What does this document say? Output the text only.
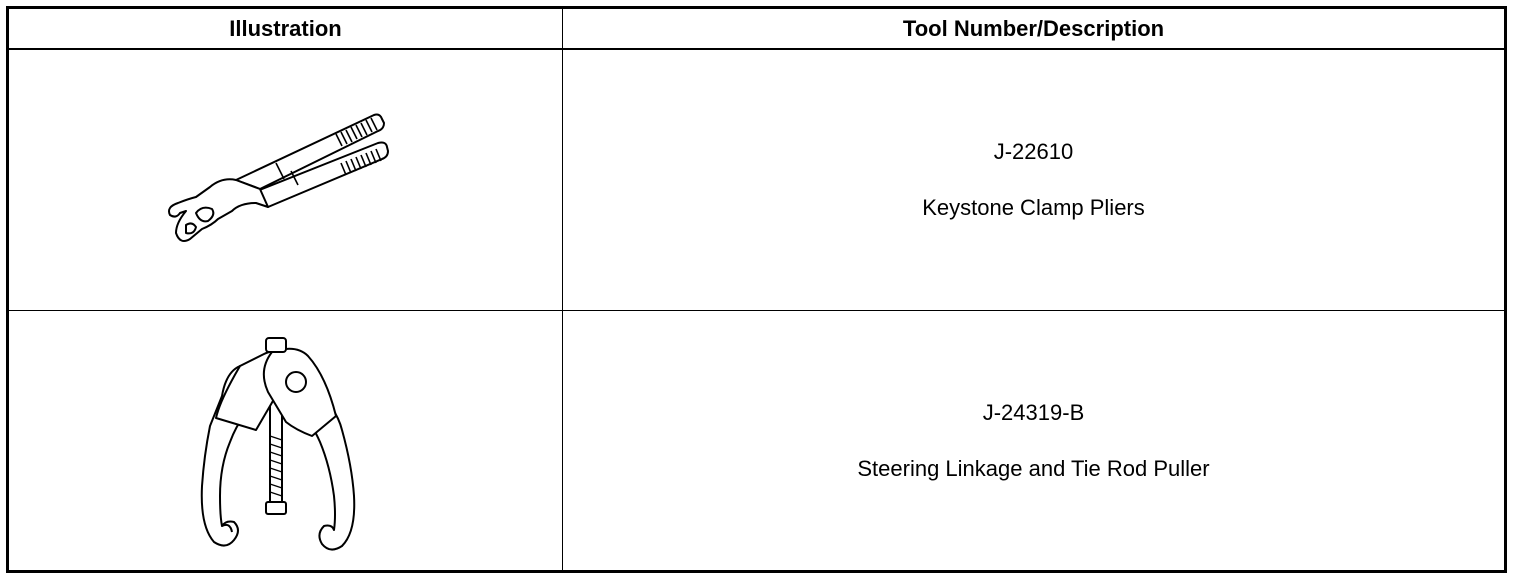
Illustration	Tool Number/Description
J-22610
Keystone Clamp Pliers
J-24319-B
Steering Linkage and Tie Rod Puller
